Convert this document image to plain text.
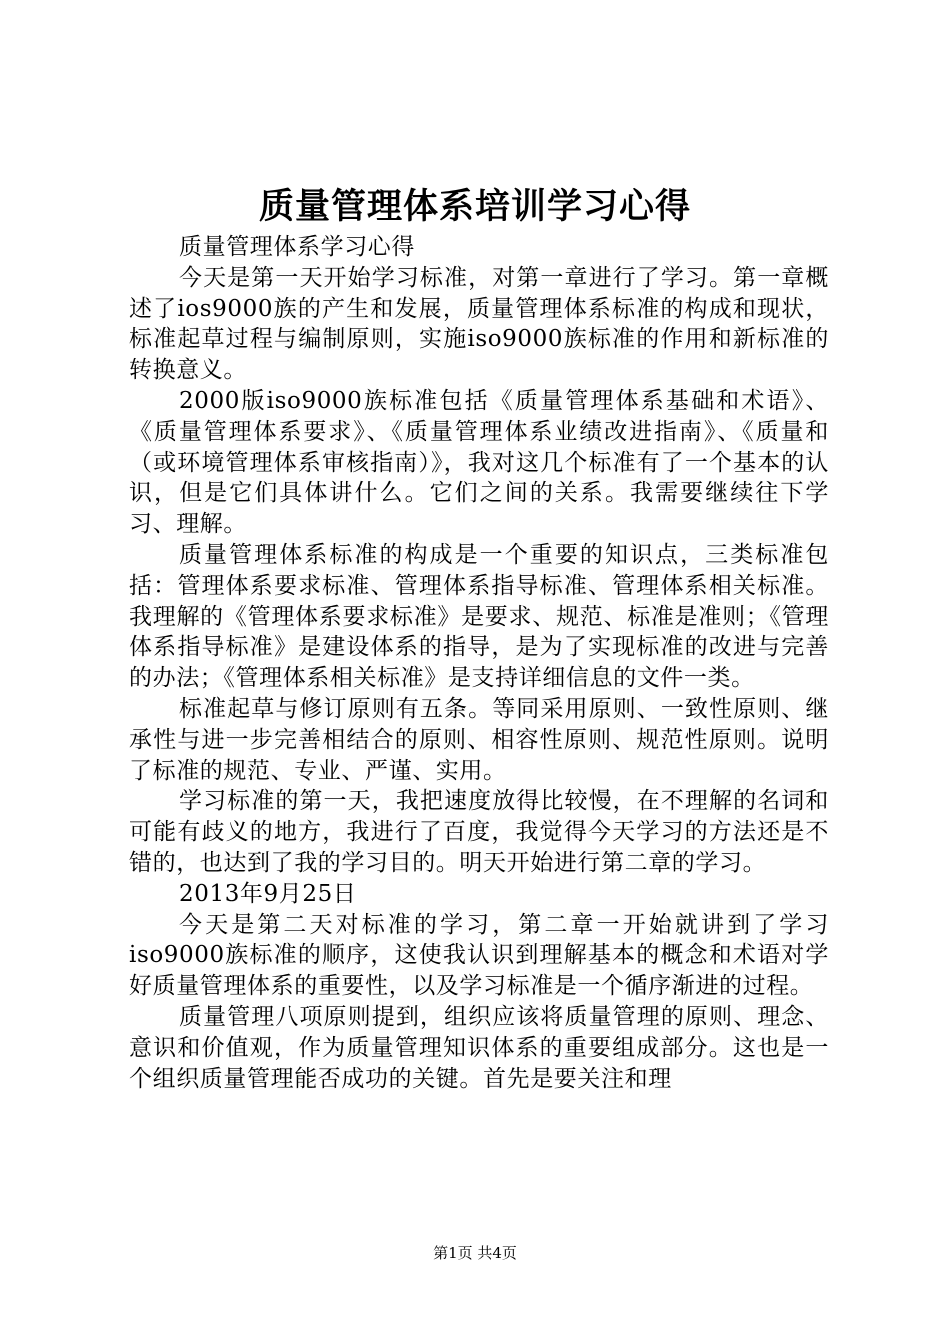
质量管理体系培训学习心得

质量管理体系学习心得

今天是第一天开始学习标准，对第一章进行了学习。第一章概述了ios9000族的产生和发展，质量管理体系标准的构成和现状，标准起草过程与编制原则，实施iso9000族标准的作用和新标准的转换意义。

2000版iso9000族标准包括《质量管理体系基础和术语》、《质量管理体系要求》、《质量管理体系业绩改进指南》、《质量和（或环境管理体系审核指南）》，我对这几个标准有了一个基本的认识，但是它们具体讲什么。它们之间的关系。我需要继续往下学习、理解。

质量管理体系标准的构成是一个重要的知识点，三类标准包括：管理体系要求标准、管理体系指导标准、管理体系相关标准。我理解的《管理体系要求标准》是要求、规范、标准是准则；《管理体系指导标准》是建设体系的指导，是为了实现标准的改进与完善的办法；《管理体系相关标准》是支持详细信息的文件一类。

标准起草与修订原则有五条。等同采用原则、一致性原则、继承性与进一步完善相结合的原则、相容性原则、规范性原则。说明了标准的规范、专业、严谨、实用。

学习标准的第一天，我把速度放得比较慢，在不理解的名词和可能有歧义的地方，我进行了百度，我觉得今天学习的方法还是不错的，也达到了我的学习目的。明天开始进行第二章的学习。

2013年9月25日

今天是第二天对标准的学习，第二章一开始就讲到了学习iso9000族标准的顺序，这使我认识到理解基本的概念和术语对学好质量管理体系的重要性，以及学习标准是一个循序渐进的过程。

质量管理八项原则提到，组织应该将质量管理的原则、理念、意识和价值观，作为质量管理知识体系的重要组成部分。这也是一个组织质量管理能否成功的关键。首先是要关注和理

第1页 共4页
